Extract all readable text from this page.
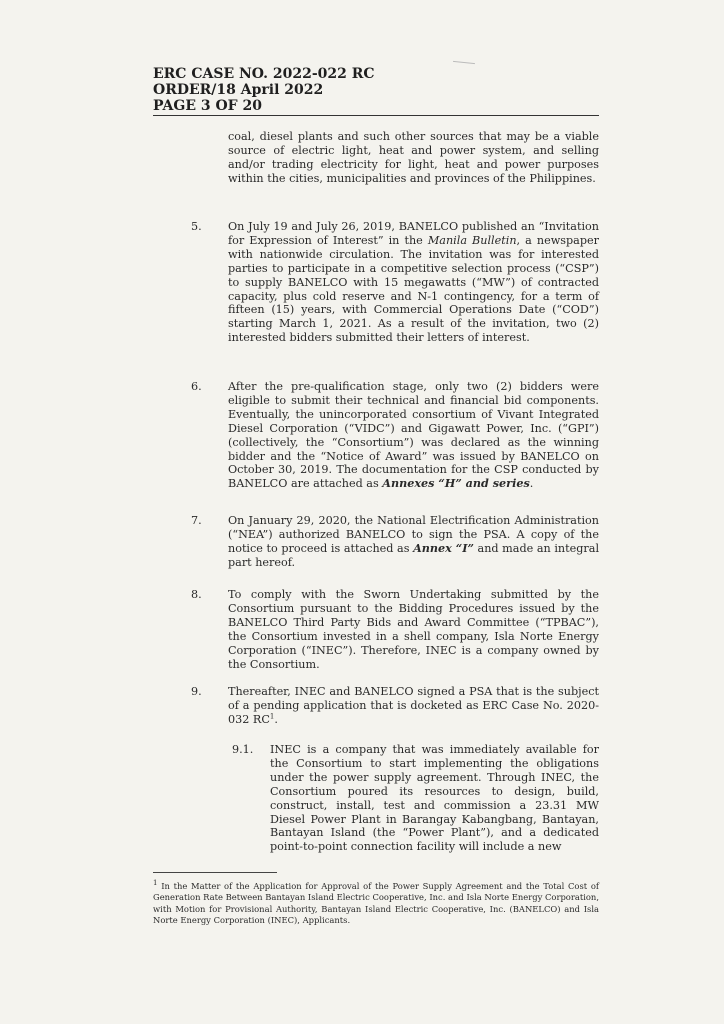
ERC CASE NO. 2022-022 RC
ORDER/18 April 2022
PAGE 3 OF 20
coal, diesel plants and such other sources that may be a viable source of electric light, heat and power system, and selling and/or trading electricity for light, heat and power purposes within the cities, municipalities and provinces of the Philippines.
5. On July 19 and July 26, 2019, BANELCO published an “Invitation for Expression of Interest” in the Manila Bulletin, a newspaper with nationwide circulation. The invitation was for interested parties to participate in a competitive selection process (“CSP”) to supply BANELCO with 15 megawatts (“MW”) of contracted capacity, plus cold reserve and N-1 contingency, for a term of fifteen (15) years, with Commercial Operations Date (“COD”) starting March 1, 2021. As a result of the invitation, two (2) interested bidders submitted their letters of interest.
6. After the pre-qualification stage, only two (2) bidders were eligible to submit their technical and financial bid components. Eventually, the unincorporated consortium of Vivant Integrated Diesel Corporation (“VIDC”) and Gigawatt Power, Inc. (“GPI”) (collectively, the “Consortium”) was declared as the winning bidder and the “Notice of Award” was issued by BANELCO on October 30, 2019. The documentation for the CSP conducted by BANELCO are attached as Annexes “H” and series.
7. On January 29, 2020, the National Electrification Administration (“NEA”) authorized BANELCO to sign the PSA. A copy of the notice to proceed is attached as Annex “I” and made an integral part hereof.
8. To comply with the Sworn Undertaking submitted by the Consortium pursuant to the Bidding Procedures issued by the BANELCO Third Party Bids and Award Committee (“TPBAC”), the Consortium invested in a shell company, Isla Norte Energy Corporation (“INEC”). Therefore, INEC is a company owned by the Consortium.
9. Thereafter, INEC and BANELCO signed a PSA that is the subject of a pending application that is docketed as ERC Case No. 2020-032 $RC^1$.
9.1. INEC is a company that was immediately available for the Consortium to start implementing the obligations under the power supply agreement. Through INEC, the Consortium poured its resources to design, build, construct, install, test and commission a 23.31 MW Diesel Power Plant in Barangay Kabangbang, Bantayan, Bantayan Island (the “Power Plant”), and a dedicated point-to-point connection facility will include a new
$^1$ In the Matter of the Application for Approval of the Power Supply Agreement and the Total Cost of Generation Rate Between Bantayan Island Electric Cooperative, Inc. and Isla Norte Energy Corporation, with Motion for Provisional Authority, Bantayan Island Electric Cooperative, Inc. (BANELCO) and Isla Norte Energy Corporation (INEC), Applicants.
